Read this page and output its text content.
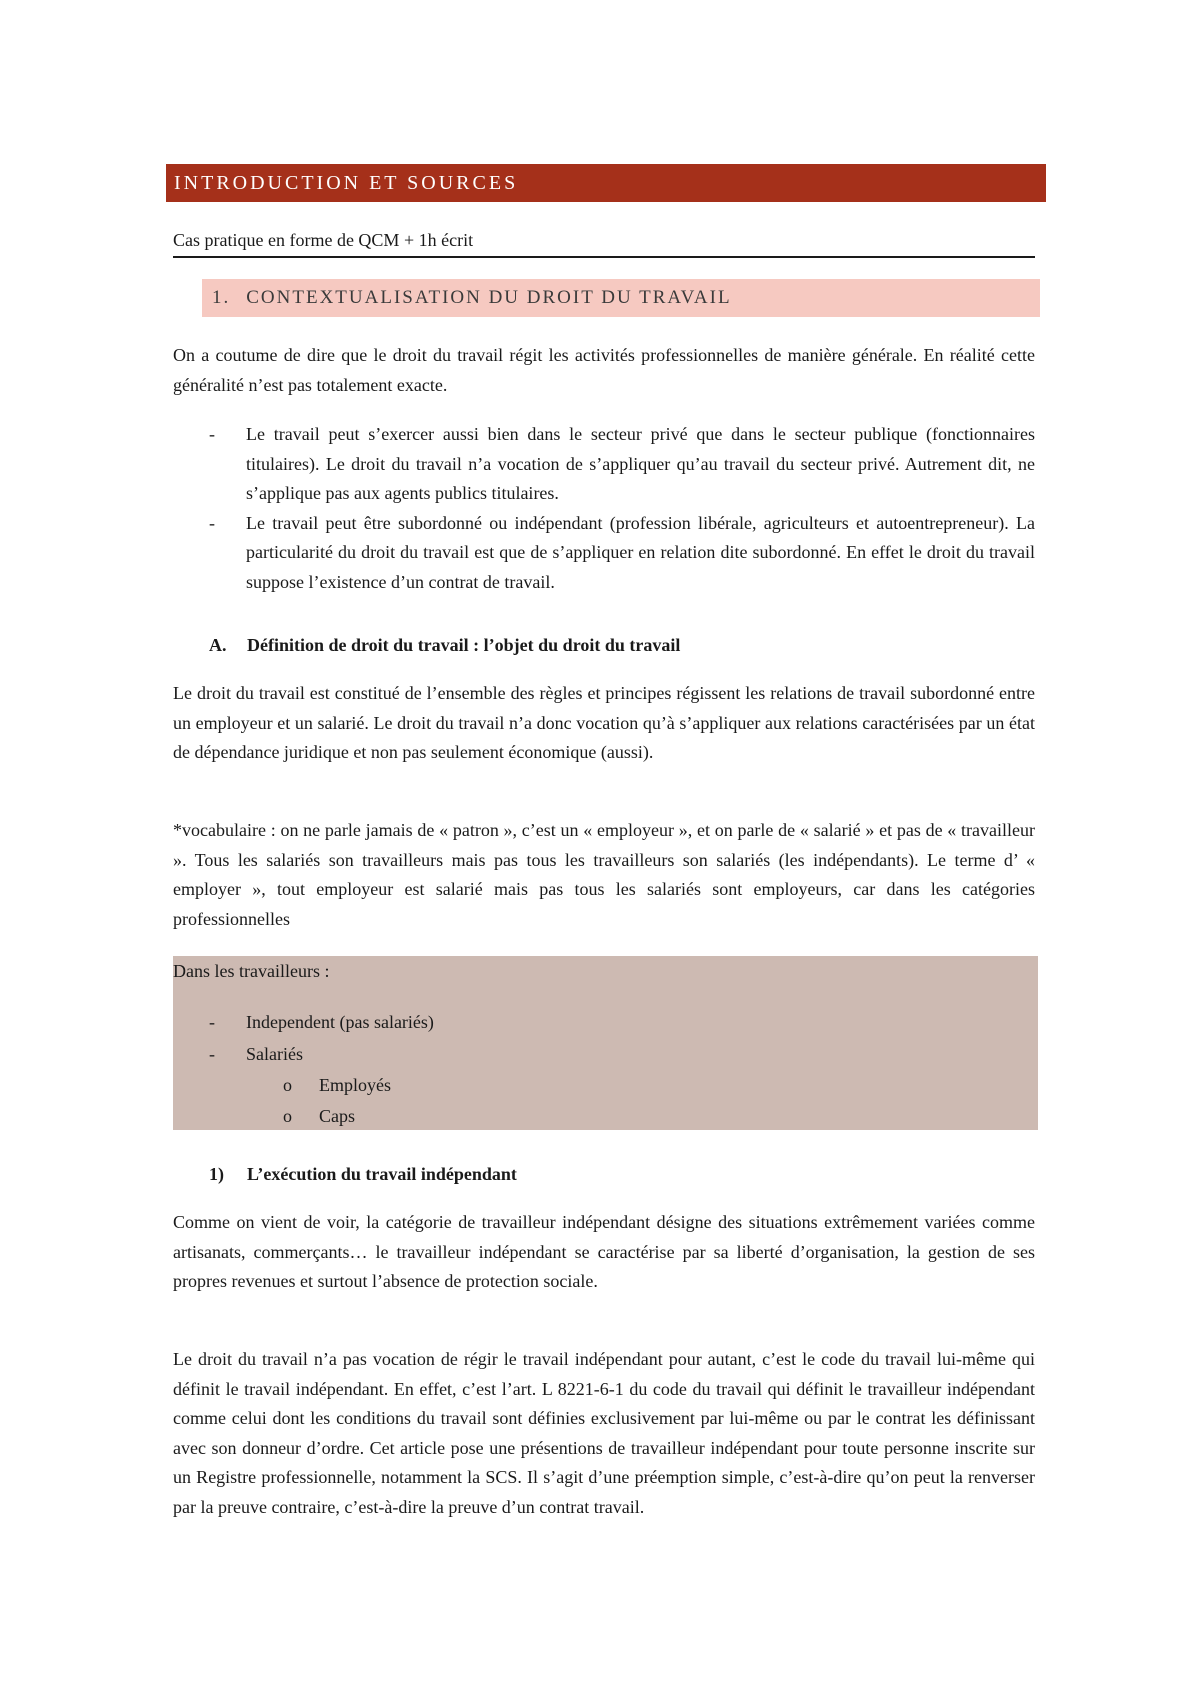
INTRODUCTION ET SOURCES
Cas pratique en forme de QCM + 1h écrit
1. CONTEXTUALISATION DU DROIT DU TRAVAIL

On a coutume de dire que le droit du travail régit les activités professionnelles de manière générale. En réalité cette généralité n’est pas totalement exacte.

- Le travail peut s’exercer aussi bien dans le secteur privé que dans le secteur publique (fonctionnaires titulaires). Le droit du travail n’a vocation de s’appliquer qu’au travail du secteur privé. Autrement dit, ne s’applique pas aux agents publics titulaires.
- Le travail peut être subordonné ou indépendant (profession libérale, agriculteurs et autoentrepreneur). La particularité du droit du travail est que de s’appliquer en relation dite subordonné. En effet le droit du travail suppose l’existence d’un contrat de travail.
A. Définition de droit du travail : l’objet du droit du travail

Le droit du travail est constitué de l’ensemble des règles et principes régissent les relations de travail subordonné entre un employeur et un salarié. Le droit du travail n’a donc vocation qu’à s’appliquer aux relations caractérisées par un état de dépendance juridique et non pas seulement économique (aussi).

*vocabulaire : on ne parle jamais de « patron », c’est un « employeur », et on parle de « salarié » et pas de « travailleur ». Tous les salariés son travailleurs mais pas tous les travailleurs son salariés (les indépendants). Le terme d’ « employer », tout employeur est salarié mais pas tous les salariés sont employeurs, car dans les catégories professionnelles

Dans les travailleurs :
- Independent (pas salariés)
- Salariés
o Employés
o Caps
1) L’exécution du travail indépendant

Comme on vient de voir, la catégorie de travailleur indépendant désigne des situations extrêmement variées comme artisanats, commerçants… le travailleur indépendant se caractérise par sa liberté d’organisation, la gestion de ses propres revenues et surtout l’absence de protection sociale.

Le droit du travail n’a pas vocation de régir le travail indépendant pour autant, c’est le code du travail lui-même qui définit le travail indépendant. En effet, c’est l’art. L 8221-6-1 du code du travail qui définit le travailleur indépendant comme celui dont les conditions du travail sont définies exclusivement par lui-même ou par le contrat les définissant avec son donneur d’ordre. Cet article pose une présentions de travailleur indépendant pour toute personne inscrite sur un Registre professionnelle, notamment la SCS. Il s’agit d’une préemption simple, c’est-à-dire qu’on peut la renverser par la preuve contraire, c’est-à-dire la preuve d’un contrat travail.
